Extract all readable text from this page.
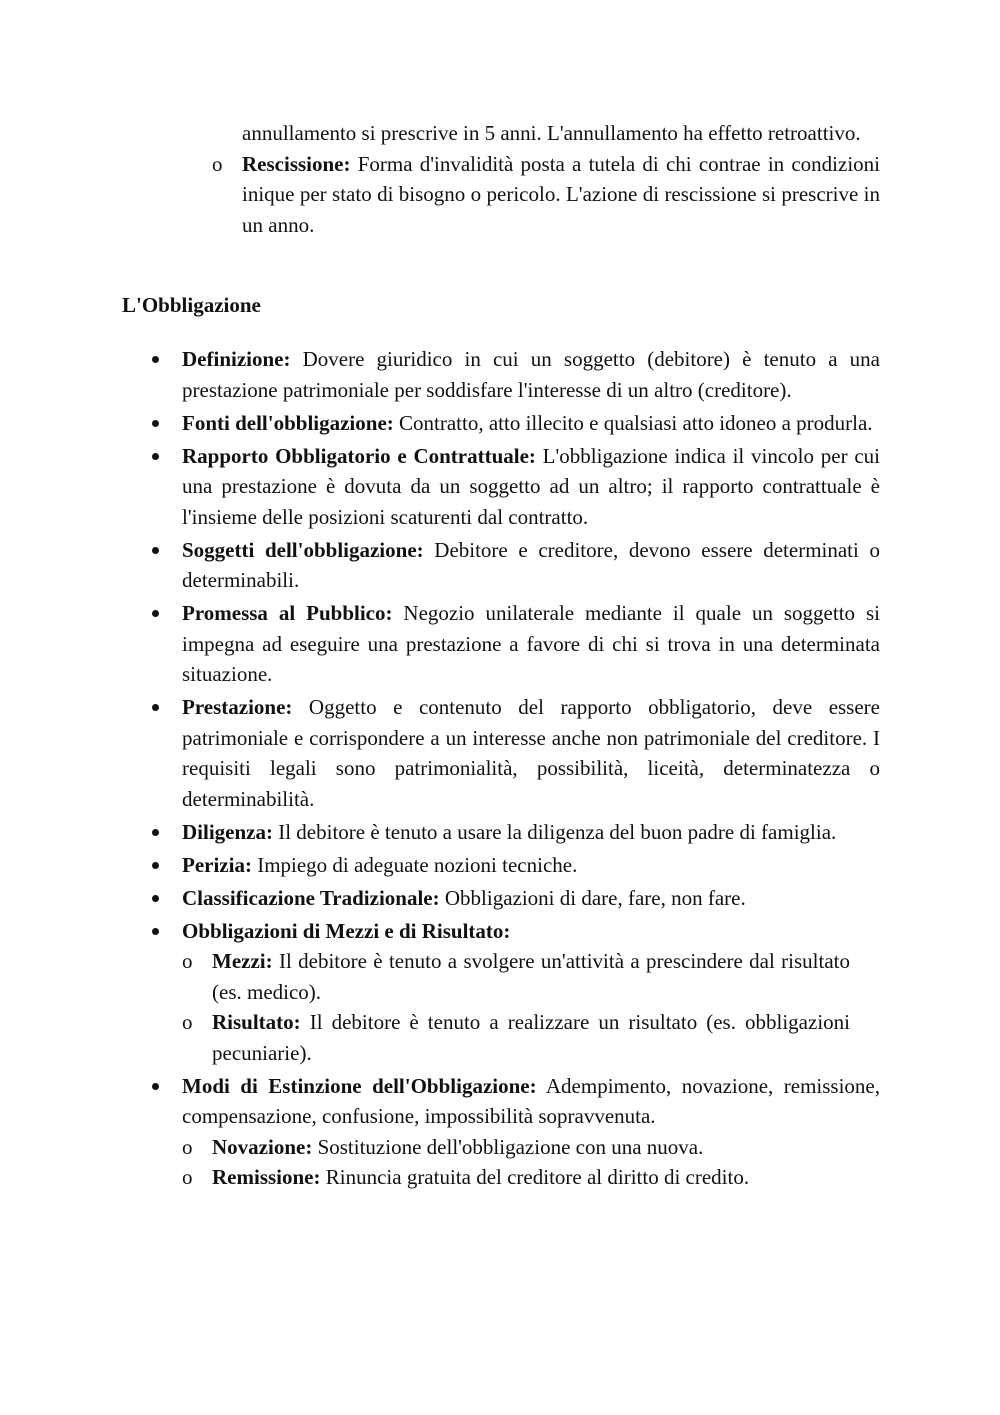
annullamento si prescrive in 5 anni. L'annullamento ha effetto retroattivo.
o Rescissione: Forma d'invalidità posta a tutela di chi contrae in condizioni inique per stato di bisogno o pericolo. L'azione di rescissione si prescrive in un anno.
L'Obbligazione
Definizione: Dovere giuridico in cui un soggetto (debitore) è tenuto a una prestazione patrimoniale per soddisfare l'interesse di un altro (creditore).
Fonti dell'obbligazione: Contratto, atto illecito e qualsiasi atto idoneo a produrla.
Rapporto Obbligatorio e Contrattuale: L'obbligazione indica il vincolo per cui una prestazione è dovuta da un soggetto ad un altro; il rapporto contrattuale è l'insieme delle posizioni scaturenti dal contratto.
Soggetti dell'obbligazione: Debitore e creditore, devono essere determinati o determinabili.
Promessa al Pubblico: Negozio unilaterale mediante il quale un soggetto si impegna ad eseguire una prestazione a favore di chi si trova in una determinata situazione.
Prestazione: Oggetto e contenuto del rapporto obbligatorio, deve essere patrimoniale e corrispondere a un interesse anche non patrimoniale del creditore. I requisiti legali sono patrimonialità, possibilità, liceità, determinatezza o determinabilità.
Diligenza: Il debitore è tenuto a usare la diligenza del buon padre di famiglia.
Perizia: Impiego di adeguate nozioni tecniche.
Classificazione Tradizionale: Obbligazioni di dare, fare, non fare.
Obbligazioni di Mezzi e di Risultato:
o Mezzi: Il debitore è tenuto a svolgere un'attività a prescindere dal risultato (es. medico).
o Risultato: Il debitore è tenuto a realizzare un risultato (es. obbligazioni pecuniarie).
Modi di Estinzione dell'Obbligazione: Adempimento, novazione, remissione, compensazione, confusione, impossibilità sopravvenuta.
o Novazione: Sostituzione dell'obbligazione con una nuova.
o Remissione: Rinuncia gratuita del creditore al diritto di credito.
